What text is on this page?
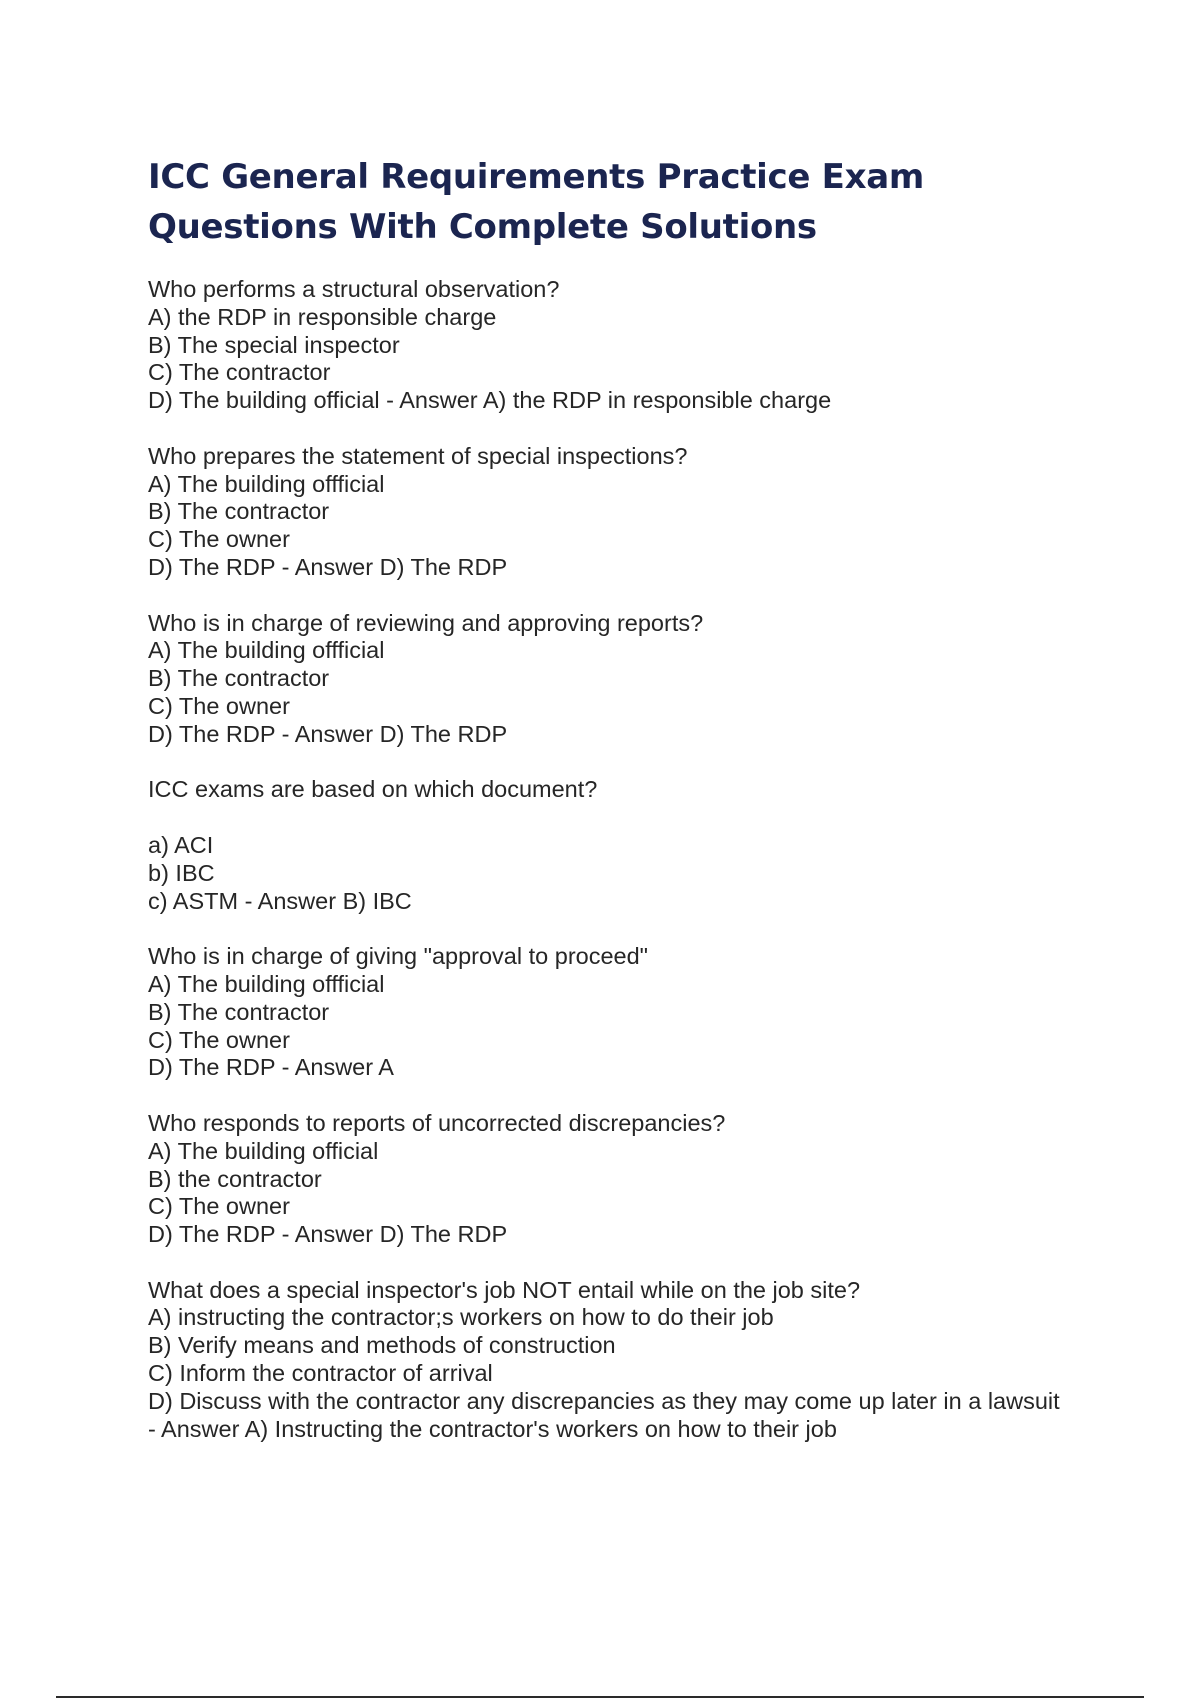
ICC General Requirements Practice Exam Questions With Complete Solutions
Who performs a structural observation?
A) the RDP in responsible charge
B) The special inspector
C) The contractor
D) The building official - Answer A) the RDP in responsible charge
Who prepares the statement of special inspections?
A) The building offficial
B) The contractor
C) The owner
D) The RDP - Answer D) The RDP
Who is in charge of reviewing and approving reports?
A) The building offficial
B) The contractor
C) The owner
D) The RDP - Answer D) The RDP
ICC exams are based on which document?
a) ACI
b) IBC
c) ASTM - Answer B) IBC
Who is in charge of giving "approval to proceed"
A) The building offficial
B) The contractor
C) The owner
D) The RDP - Answer A
Who responds to reports of uncorrected discrepancies?
A) The building official
B) the contractor
C) The owner
D) The RDP - Answer D) The RDP
What does a special inspector's job NOT entail while on the job site?
A) instructing the contractor;s workers on how to do their job
B) Verify means and methods of construction
C) Inform the contractor of arrival
D) Discuss with the contractor any discrepancies as they may come up later in a lawsuit
- Answer A) Instructing the contractor's workers on how to their job
